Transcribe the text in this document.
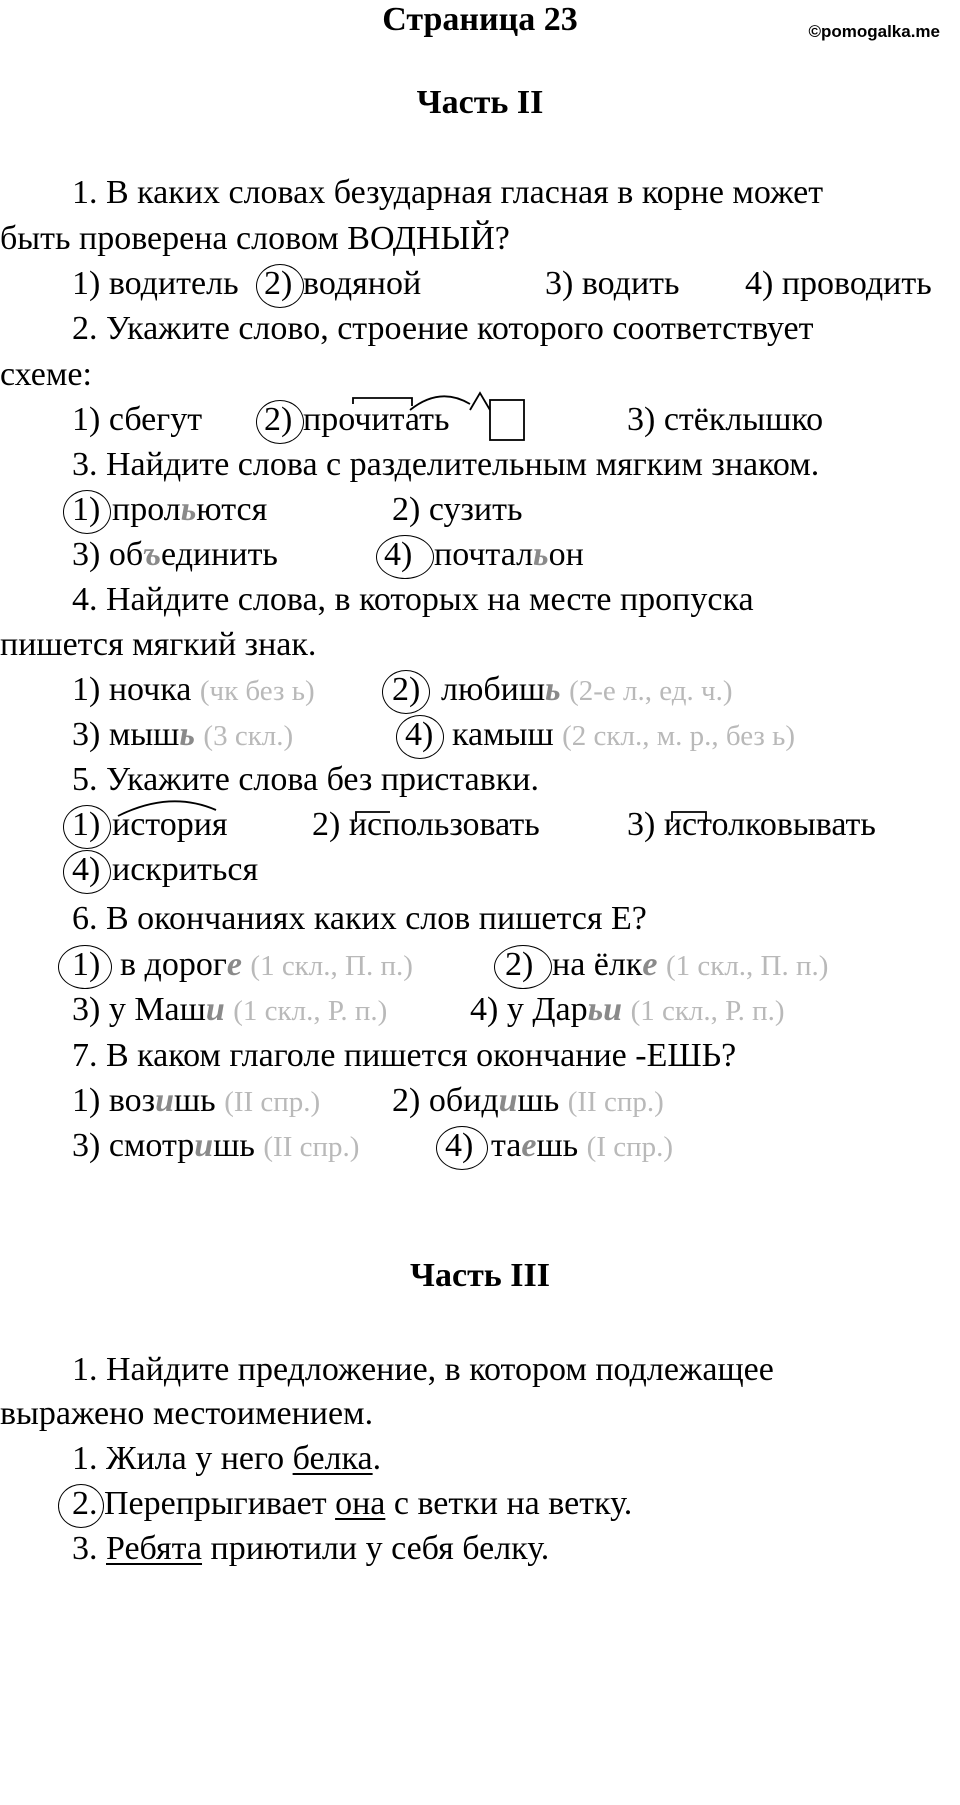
Страница 23	©pomogalka.me
Часть II
1. В каких словах безударная гласная в корне может
быть проверена словом ВОДНЫЙ?
1) водитель 2) водяной	3) водить 4) проводить
2. Укажите слово, строение которого соответствует
схеме:
1) сбегут 2) прочитать	3) стёклышко
3. Найдите слова с разделительным мягким знаком.
1) прольются	2) сузить
3) объединить	4) почтальон
4. Найдите слова, в которых на месте пропуска
пишется мягкий знак.
1) ночка (чк без ь) 2) любишь (2-е л., ед. ч.)
3) мышь (3 скл.)	4) камыш (2 скл., м. р., без ь)
5. Укажите слова без приставки.
1) история 2) использовать	3) истолковывать
4) искриться
6. В окончаниях каких слов пишется Е?
1) в дороге (1 скл., П. п.)	2) на ёлке (1 скл., П. п.)
3) у Маши (1 скл., Р. п.) 4) у Дарьи (1 скл., Р. п.)
7. В каком глаголе пишется окончание -ЕШЬ?
1) возишь (II спр.) 2) обидишь (II спр.)
3) смотришь (II спр.)	4) таешь (I спр.)
Часть III
1. Найдите предложение, в котором подлежащее
выражено местоимением.
1. Жила у него белка.
2. Перепрыгивает она с ветки на ветку.
3. Ребята приютили у себя белку.
